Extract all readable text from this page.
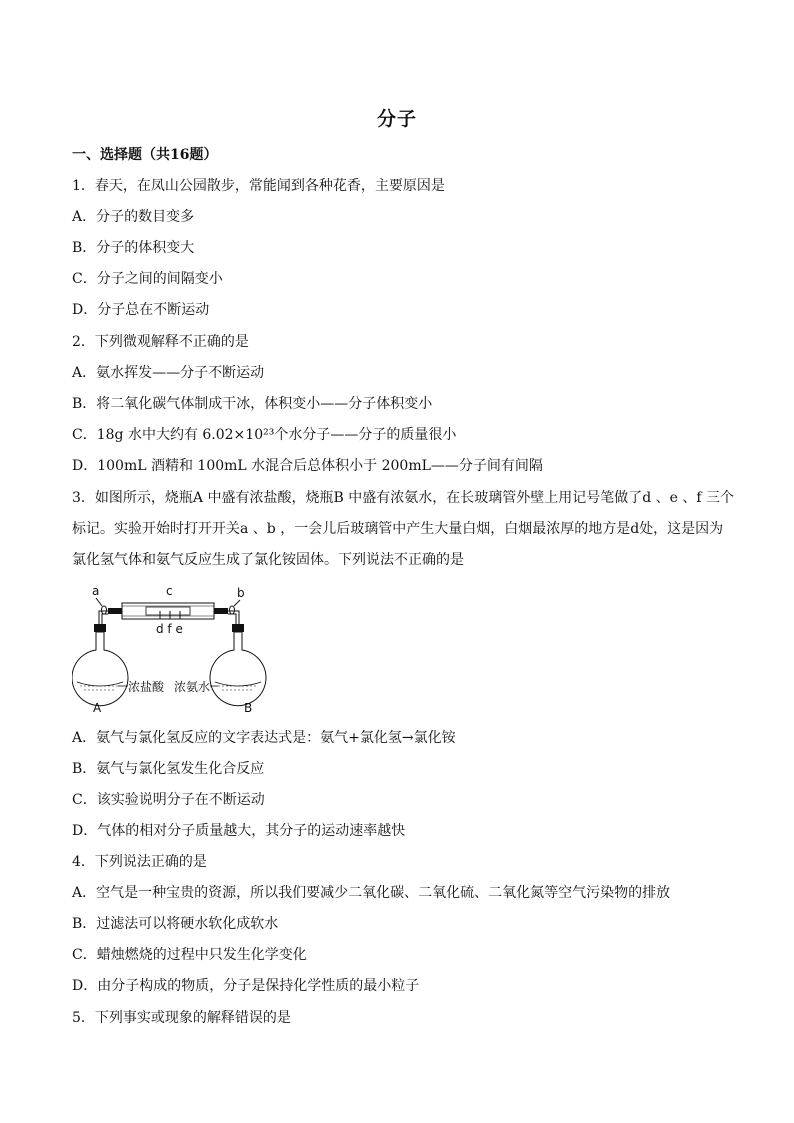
分子
一、选择题（共16题）
1．春天，在凤山公园散步，常能闻到各种花香，主要原因是
A．分子的数目变多
B．分子的体积变大
C．分子之间的间隔变小
D．分子总在不断运动
2．下列微观解释不正确的是
A．氨水挥发——分子不断运动
B．将二氧化碳气体制成干冰，体积变小——分子体积变小
C．18g 水中大约有 6.02×10²³个水分子——分子的质量很小
D．100mL 酒精和 100mL 水混合后总体积小于 200mL——分子间有间隔
3．如图所示，烧瓶A 中盛有浓盐酸，烧瓶B 中盛有浓氨水，在长玻璃管外壁上用记号笔做了d 、e 、f 三个
标记。实验开始时打开开关a 、b ，一会儿后玻璃管中产生大量白烟，白烟最浓厚的地方是d处，这是因为
氯化氢气体和氨气反应生成了氯化铵固体。下列说法不正确的是
a	c	b
d f e
浓盐酸
A
浓氨水
B
A．氨气与氯化氢反应的文字表达式是：氨气+氯化氢→氯化铵
B．氨气与氯化氢发生化合反应
C．该实验说明分子在不断运动
D．气体的相对分子质量越大，其分子的运动速率越快
4．下列说法正确的是
A．空气是一种宝贵的资源，所以我们要减少二氧化碳、二氧化硫、二氧化氮等空气污染物的排放
B．过滤法可以将硬水软化成软水
C．蜡烛燃烧的过程中只发生化学变化
D．由分子构成的物质，分子是保持化学性质的最小粒子
5．下列事实或现象的解释错误的是
